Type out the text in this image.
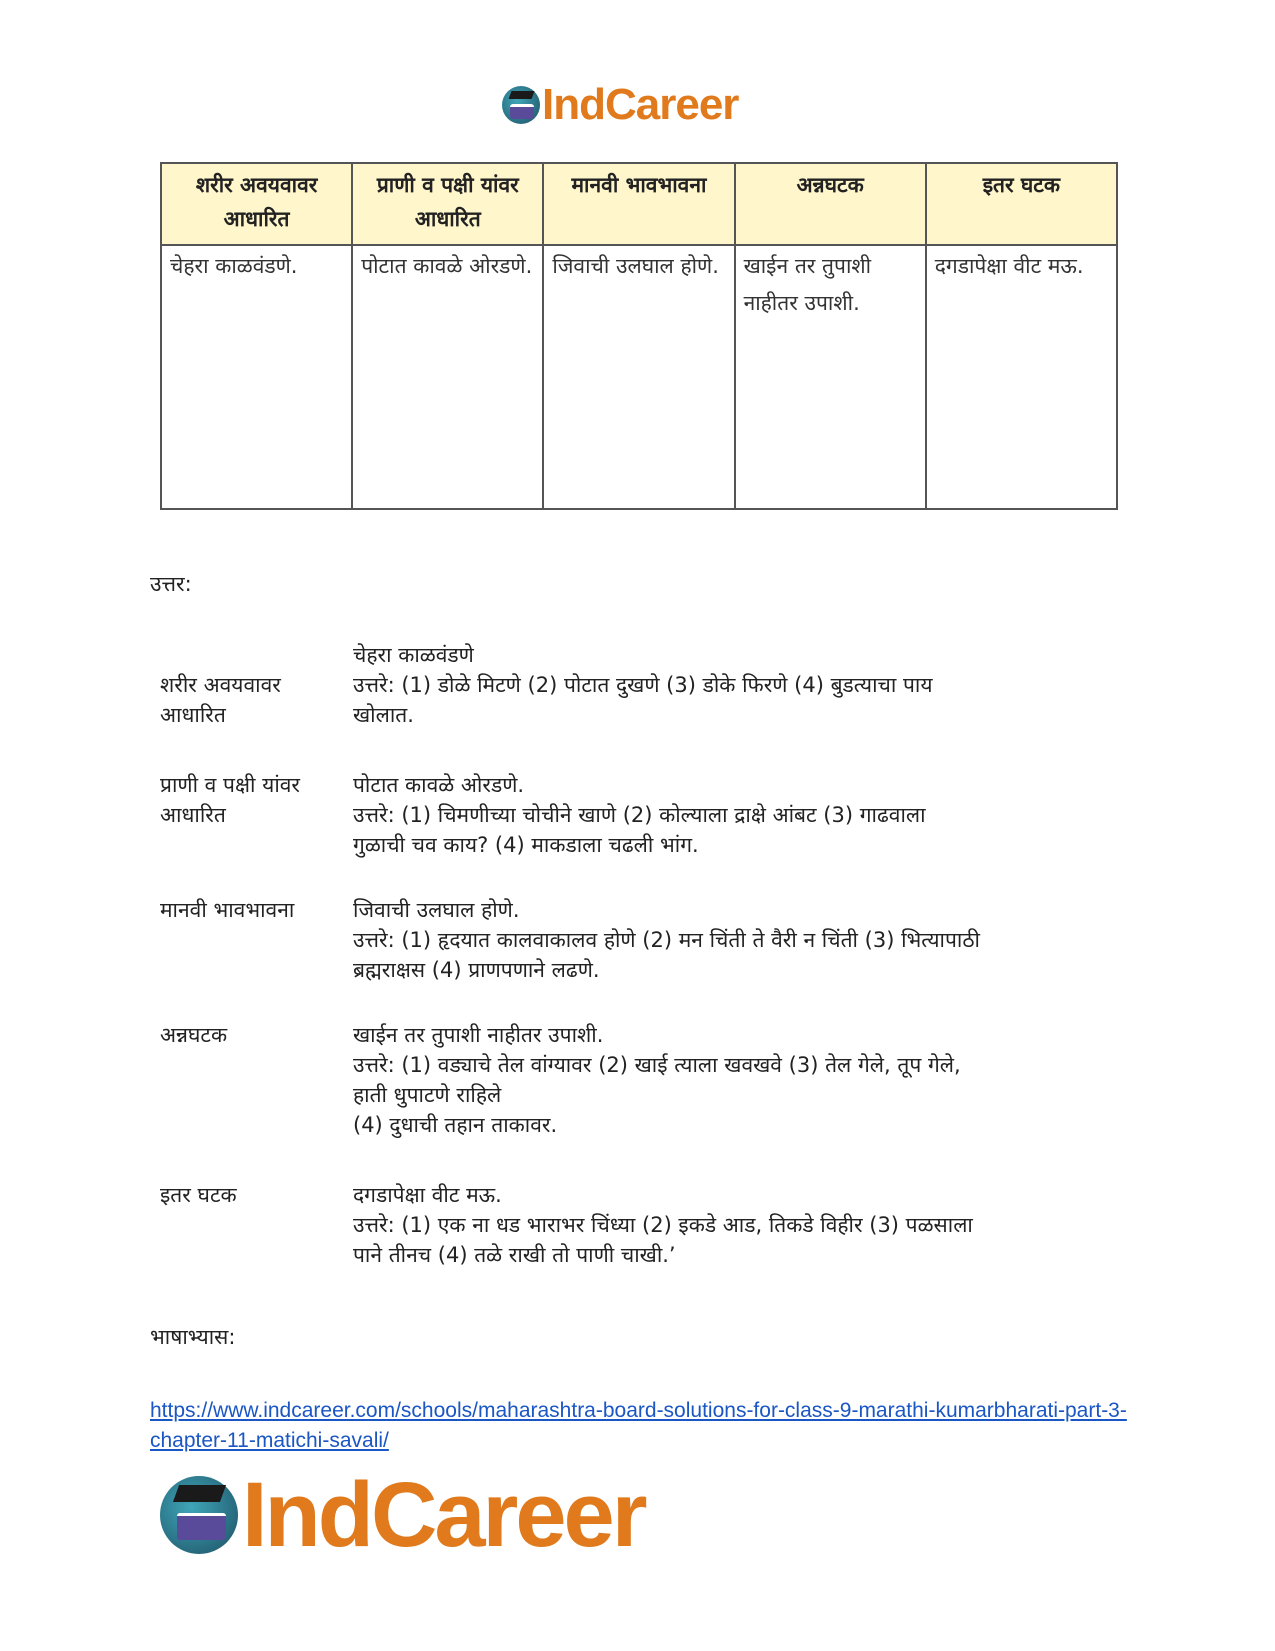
IndCareer
शरीर अवयवावर आधारित	प्राणी व पक्षी यांवर आधारित	मानवी भावभावना	अन्नघटक	इतर घटक
चेहरा काळवंडणे.	पोटात कावळे ओरडणे.	जिवाची उलघाल होणे.	खाईन तर तुपाशी नाहीतर उपाशी.	दगडापेक्षा वीट मऊ.
उत्तर:
शरीर अवयवावर आधारित
चेहरा काळवंडणे
उत्तरे: (1) डोळे मिटणे (2) पोटात दुखणे (3) डोके फिरणे (4) बुडत्याचा पाय खोलात.
प्राणी व पक्षी यांवर आधारित
पोटात कावळे ओरडणे.
उत्तरे: (1) चिमणीच्या चोचीने खाणे (2) कोल्याला द्राक्षे आंबट (3) गाढवाला गुळाची चव काय? (4) माकडाला चढली भांग.
मानवी भावभावना	जिवाची उलघाल होणे.
उत्तरे: (1) हृदयात कालवाकालव होणे (2) मन चिंती ते वैरी न चिंती (3) भित्यापाठी ब्रह्मराक्षस (4) प्राणपणाने लढणे.
अन्नघटक	खाईन तर तुपाशी नाहीतर उपाशी.
उत्तरे: (1) वड्याचे तेल वांग्यावर (2) खाई त्याला खवखवे (3) तेल गेले, तूप गेले, हाती धुपाटणे राहिले
(4) दुधाची तहान ताकावर.
इतर घटक	दगडापेक्षा वीट मऊ.
उत्तरे: (1) एक ना धड भाराभर चिंध्या (2) इकडे आड, तिकडे विहीर (3) पळसाला पाने तीनच (4) तळे राखी तो पाणी चाखी.’
भाषाभ्यास:
https://www.indcareer.com/schools/maharashtra-board-solutions-for-class-9-marathi-kumarbharati-part-3-chapter-11-matichi-savali/
IndCareer
